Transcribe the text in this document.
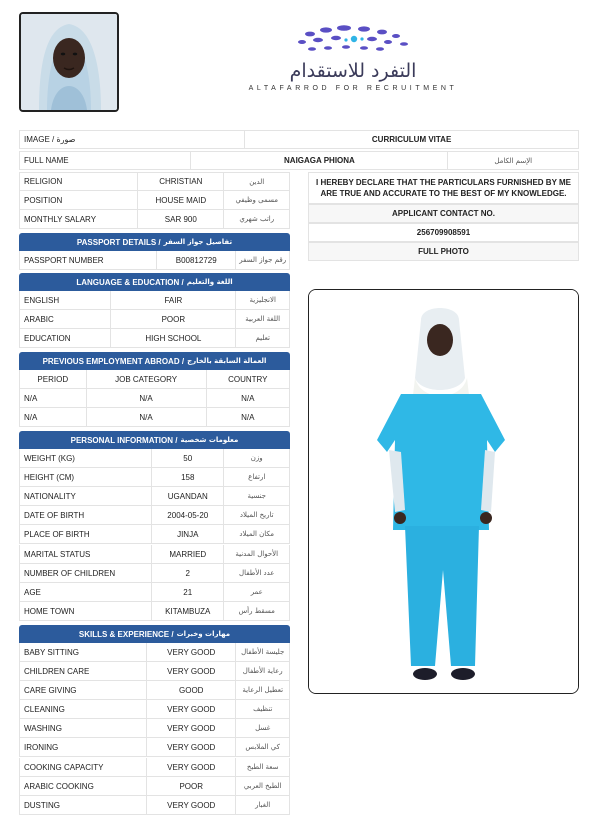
التفرد للاستقدام
ALTAFARROD FOR RECRUITMENT
IMAGE / صورة	CURRICULUM VITAE
FULL NAME	NAIGAGA PHIONA	الإسم الكامل
RELIGION	CHRISTIAN	الدين
POSITION	HOUSE MAID	مسمى وظيفي
MONTHLY SALARY	SAR 900	راتب شهري
I HEREBY DECLARE THAT THE PARTICULARS FURNISHED BY ME ARE TRUE AND ACCURATE TO THE BEST OF MY KNOWLEDGE.
APPLICANT CONTACT NO.
256709908591
FULL PHOTO
PASSPORT DETAILS / تفاصيل جواز السفر
PASSPORT NUMBER	B00812729	رقم جواز السفر
LANGUAGE & EDUCATION / اللغة والتعليم
ENGLISH	FAIR	الانجليزية
ARABIC	POOR	اللغة العربية
EDUCATION	HIGH SCHOOL	تعليم
PREVIOUS EMPLOYMENT ABROAD / العمالة السابقة بالخارج
PERIOD	JOB CATEGORY	COUNTRY
N/A	N/A	N/A
N/A	N/A	N/A
PERSONAL INFORMATION / معلومات شخصية
WEIGHT (KG)	50	وزن
HEIGHT (CM)	158	ارتفاع
NATIONALITY	UGANDAN	جنسية
DATE OF BIRTH	2004-05-20	تاريخ الميلاد
PLACE OF BIRTH	JINJA	مكان الميلاد
MARITAL STATUS	MARRIED	الأحوال المدنية
NUMBER OF CHILDREN	2	عدد الأطفال
AGE	21	عمر
HOME TOWN	KITAMBUZA	مسقط رأس
SKILLS & EXPERIENCE / مهارات وخبرات
BABY SITTING	VERY GOOD	جليسة الأطفال
CHILDREN CARE	VERY GOOD	رعاية الأطفال
CARE GIVING	GOOD	تعطيل الرعاية
CLEANING	VERY GOOD	تنظيف
WASHING	VERY GOOD	غسل
IRONING	VERY GOOD	كي الملابس
COOKING CAPACITY	VERY GOOD	سعة الطبخ
ARABIC COOKING	POOR	الطبخ العربي
DUSTING	VERY GOOD	الغبار
